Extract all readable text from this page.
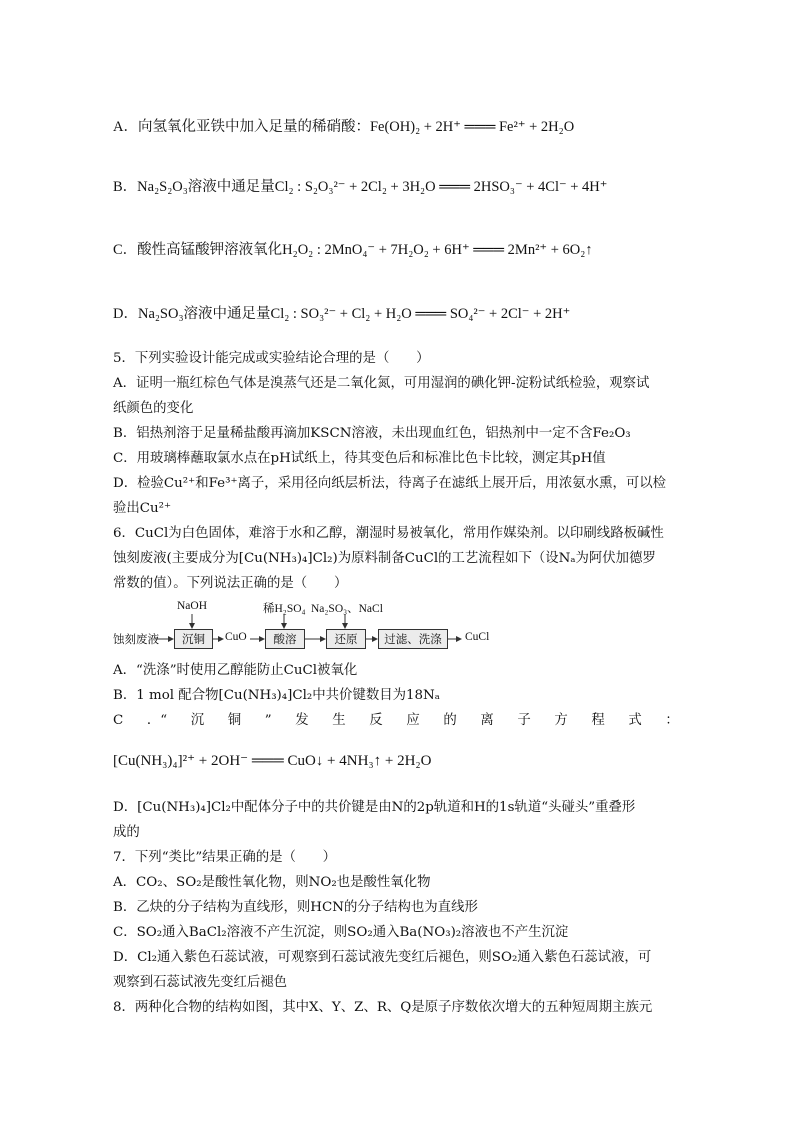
A．向氢氧化亚铁中加入足量的稀硝酸：Fe(OH)₂ + 2H⁺ ═══ Fe²⁺ + 2H₂O
B．Na₂S₂O₃溶液中通足量Cl₂ : S₂O₃²⁻ + 2Cl₂ + 3H₂O ═══ 2HSO₃⁻ + 4Cl⁻ + 4H⁺
C．酸性高锰酸钾溶液氧化H₂O₂ : 2MnO₄⁻ + 7H₂O₂ + 6H⁺ ═══ 2Mn²⁺ + 6O₂↑
D．Na₂SO₃溶液中通足量Cl₂ : SO₃²⁻ + Cl₂ + H₂O ═══ SO₄²⁻ + 2Cl⁻ + 2H⁺
5．下列实验设计能完成或实验结论合理的是（　　）
A．证明一瓶红棕色气体是溴蒸气还是二氧化氮，可用湿润的碘化钾-淀粉试纸检验，观察试
纸颜色的变化
B．铝热剂溶于足量稀盐酸再滴加KSCN溶液，未出现血红色，铝热剂中一定不含Fe₂O₃
C．用玻璃棒蘸取氯水点在pH试纸上，待其变色后和标准比色卡比较，测定其pH值
D．检验Cu²⁺和Fe³⁺离子，采用径向纸层析法，待离子在滤纸上展开后，用浓氨水熏，可以检
验出Cu²⁺
6．CuCl为白色固体，难溶于水和乙醇，潮湿时易被氧化，常用作媒染剂。以印刷线路板碱性
蚀刻废液(主要成分为[Cu(NH₃)₄]Cl₂)为原料制备CuCl的工艺流程如下（设Nₐ为阿伏加德罗
常数的值）。下列说法正确的是（　　）
NaOH	稀H₂SO₄ Na₂SO₃、NaCl
蚀刻废液	沉铜	CuO	酸溶	还原	过滤、洗涤	CuCl
A．“洗涤”时使用乙醇能防止CuCl被氧化
B．1 mol 配合物[Cu(NH₃)₄]Cl₂中共价键数目为18Nₐ
C ．“ 沉 铜 ” 发 生 反 应 的 离 子 方 程 式 ：
[Cu(NH₃)₄]²⁺ + 2OH⁻ ═══ CuO↓ + 4NH₃↑ + 2H₂O
D．[Cu(NH₃)₄]Cl₂中配体分子中的共价键是由N的2p轨道和H的1s轨道“头碰头”重叠形
成的
7．下列“类比”结果正确的是（　　）
A．CO₂、SO₂是酸性氧化物，则NO₂也是酸性氧化物
B．乙炔的分子结构为直线形，则HCN的分子结构也为直线形
C．SO₂通入BaCl₂溶液不产生沉淀，则SO₂通入Ba(NO₃)₂溶液也不产生沉淀
D．Cl₂通入紫色石蕊试液，可观察到石蕊试液先变红后褪色，则SO₂通入紫色石蕊试液，可
观察到石蕊试液先变红后褪色
8．两种化合物的结构如图，其中X、Y、Z、R、Q是原子序数依次增大的五种短周期主族元
